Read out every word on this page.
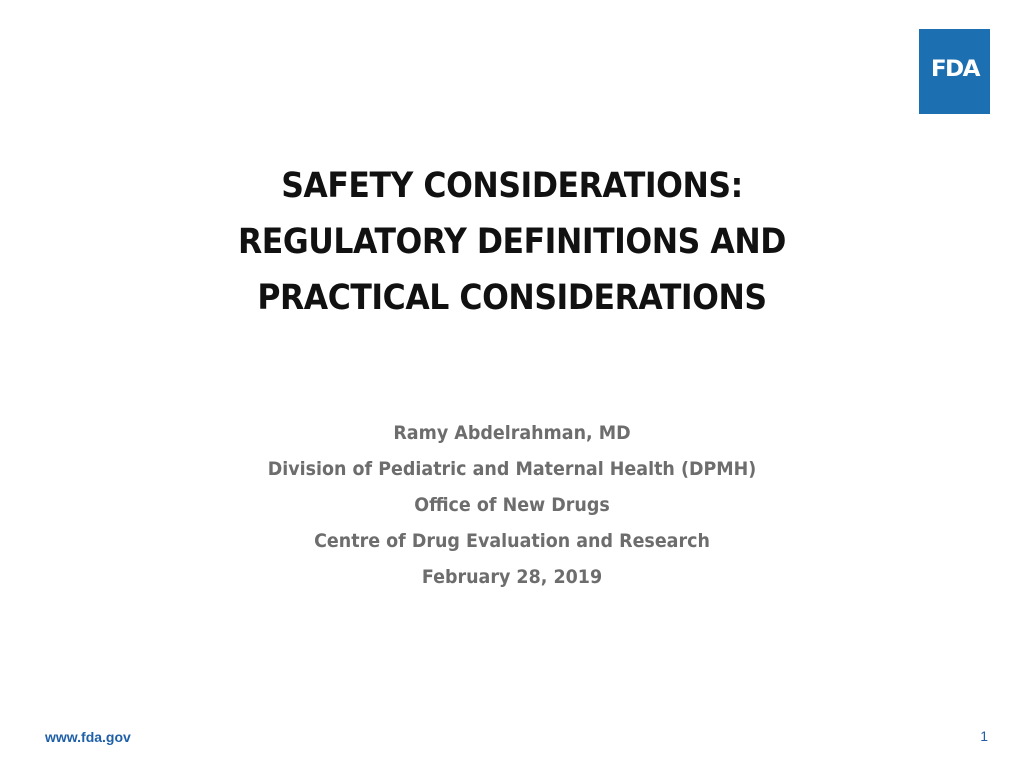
FDA
SAFETY CONSIDERATIONS:
REGULATORY DEFINITIONS AND
PRACTICAL CONSIDERATIONS
Ramy Abdelrahman, MD
Division of Pediatric and Maternal Health (DPMH)
Office of New Drugs
Centre of Drug Evaluation and Research
February 28, 2019
www.fda.gov	1
